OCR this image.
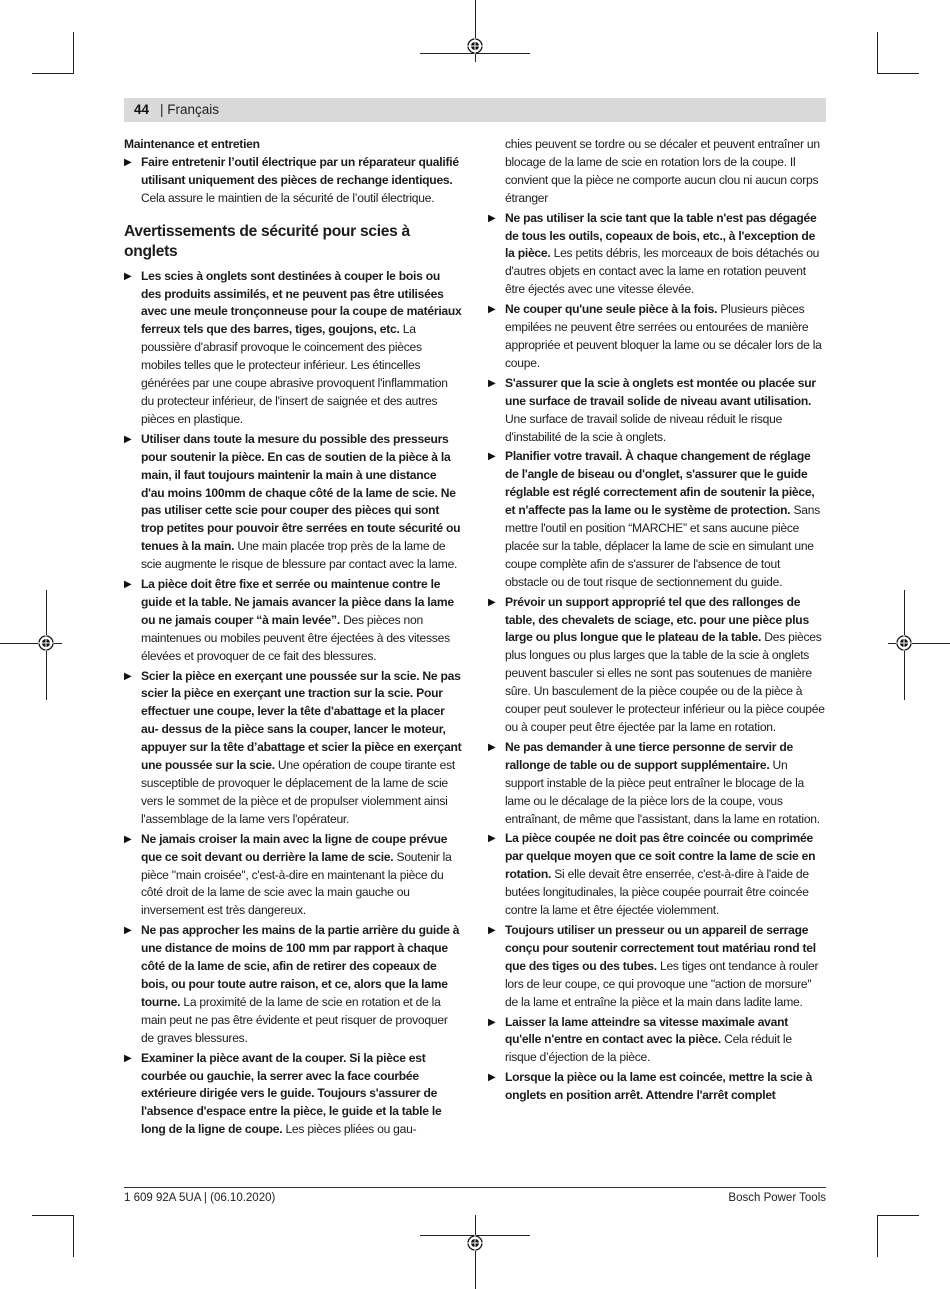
44 | Français

Maintenance et entretien

▶ Faire entretenir l’outil électrique par un réparateur qualifié utilisant uniquement des pièces de rechange identiques. Cela assure le maintien de la sécurité de l’outil électrique.

Avertissements de sécurité pour scies à onglets

▶ Les scies à onglets sont destinées à couper le bois ou des produits assimilés, et ne peuvent pas être utilisées avec une meule tronçonneuse pour la coupe de matériaux ferreux tels que des barres, tiges, goujons, etc. La poussière d'abrasif provoque le coincement des pièces mobiles telles que le protecteur inférieur. Les étincelles générées par une coupe abrasive provoquent l'inflammation du protecteur inférieur, de l'insert de saignée et des autres pièces en plastique.

▶ Utiliser dans toute la mesure du possible des presseurs pour soutenir la pièce. En cas de soutien de la pièce à la main, il faut toujours maintenir la main à une distance d'au moins 100mm de chaque côté de la lame de scie. Ne pas utiliser cette scie pour couper des pièces qui sont trop petites pour pouvoir être serrées en toute sécurité ou tenues à la main. Une main placée trop près de la lame de scie augmente le risque de blessure par contact avec la lame.

▶ La pièce doit être fixe et serrée ou maintenue contre le guide et la table. Ne jamais avancer la pièce dans la lame ou ne jamais couper “à main levée”. Des pièces non maintenues ou mobiles peuvent être éjectées à des vitesses élevées et provoquer de ce fait des blessures.

▶ Scier la pièce en exerçant une poussée sur la scie. Ne pas scier la pièce en exerçant une traction sur la scie. Pour effectuer une coupe, lever la tête d'abattage et la placer au- dessus de la pièce sans la couper, lancer le moteur, appuyer sur la tête d’abattage et scier la pièce en exerçant une poussée sur la scie. Une opération de coupe tirante est susceptible de provoquer le déplacement de la lame de scie vers le sommet de la pièce et de propulser violemment ainsi l'assemblage de la lame vers l'opérateur.

▶ Ne jamais croiser la main avec la ligne de coupe prévue que ce soit devant ou derrière la lame de scie. Soutenir la pièce "main croisée", c'est-à-dire en maintenant la pièce du côté droit de la lame de scie avec la main gauche ou inversement est très dangereux.

▶ Ne pas approcher les mains de la partie arrière du guide à une distance de moins de 100 mm par rapport à chaque côté de la lame de scie, afin de retirer des copeaux de bois, ou pour toute autre raison, et ce, alors que la lame tourne. La proximité de la lame de scie en rotation et de la main peut ne pas être évidente et peut risquer de provoquer de graves blessures.

▶ Examiner la pièce avant de la couper. Si la pièce est courbée ou gauchie, la serrer avec la face courbée extérieure dirigée vers le guide. Toujours s'assurer de l'absence d'espace entre la pièce, le guide et la table le long de la ligne de coupe. Les pièces pliées ou gau-

chies peuvent se tordre ou se décaler et peuvent entraîner un blocage de la lame de scie en rotation lors de la coupe. Il convient que la pièce ne comporte aucun clou ni aucun corps étranger

▶ Ne pas utiliser la scie tant que la table n'est pas dégagée de tous les outils, copeaux de bois, etc., à l'exception de la pièce. Les petits débris, les morceaux de bois détachés ou d'autres objets en contact avec la lame en rotation peuvent être éjectés avec une vitesse élevée.

▶ Ne couper qu'une seule pièce à la fois. Plusieurs pièces empilées ne peuvent être serrées ou entourées de manière appropriée et peuvent bloquer la lame ou se décaler lors de la coupe.

▶ S'assurer que la scie à onglets est montée ou placée sur une surface de travail solide de niveau avant utilisation. Une surface de travail solide de niveau réduit le risque d'instabilité de la scie à onglets.

▶ Planifier votre travail. À chaque changement de réglage de l'angle de biseau ou d'onglet, s'assurer que le guide réglable est réglé correctement afin de soutenir la pièce, et n'affecte pas la lame ou le système de protection. Sans mettre l'outil en position “MARCHE” et sans aucune pièce placée sur la table, déplacer la lame de scie en simulant une coupe complète afin de s'assurer de l'absence de tout obstacle ou de tout risque de sectionnement du guide.

▶ Prévoir un support approprié tel que des rallonges de table, des chevalets de sciage, etc. pour une pièce plus large ou plus longue que le plateau de la table. Des pièces plus longues ou plus larges que la table de la scie à onglets peuvent basculer si elles ne sont pas soutenues de manière sûre. Un basculement de la pièce coupée ou de la pièce à couper peut soulever le protecteur inférieur ou la pièce coupée ou à couper peut être éjectée par la lame en rotation.

▶ Ne pas demander à une tierce personne de servir de rallonge de table ou de support supplémentaire. Un support instable de la pièce peut entraîner le blocage de la lame ou le décalage de la pièce lors de la coupe, vous entraînant, de même que l'assistant, dans la lame en rotation.

▶ La pièce coupée ne doit pas être coincée ou comprimée par quelque moyen que ce soit contre la lame de scie en rotation. Si elle devait être enserrée, c'est-à-dire à l'aide de butées longitudinales, la pièce coupée pourrait être coincée contre la lame et être éjectée violemment.

▶ Toujours utiliser un presseur ou un appareil de serrage conçu pour soutenir correctement tout matériau rond tel que des tiges ou des tubes. Les tiges ont tendance à rouler lors de leur coupe, ce qui provoque une "action de morsure" de la lame et entraîne la pièce et la main dans ladite lame.

▶ Laisser la lame atteindre sa vitesse maximale avant qu'elle n'entre en contact avec la pièce. Cela réduit le risque d’éjection de la pièce.

▶ Lorsque la pièce ou la lame est coincée, mettre la scie à onglets en position arrêt. Attendre l'arrêt complet

1 609 92A 5UA | (06.10.2020)	Bosch Power Tools
